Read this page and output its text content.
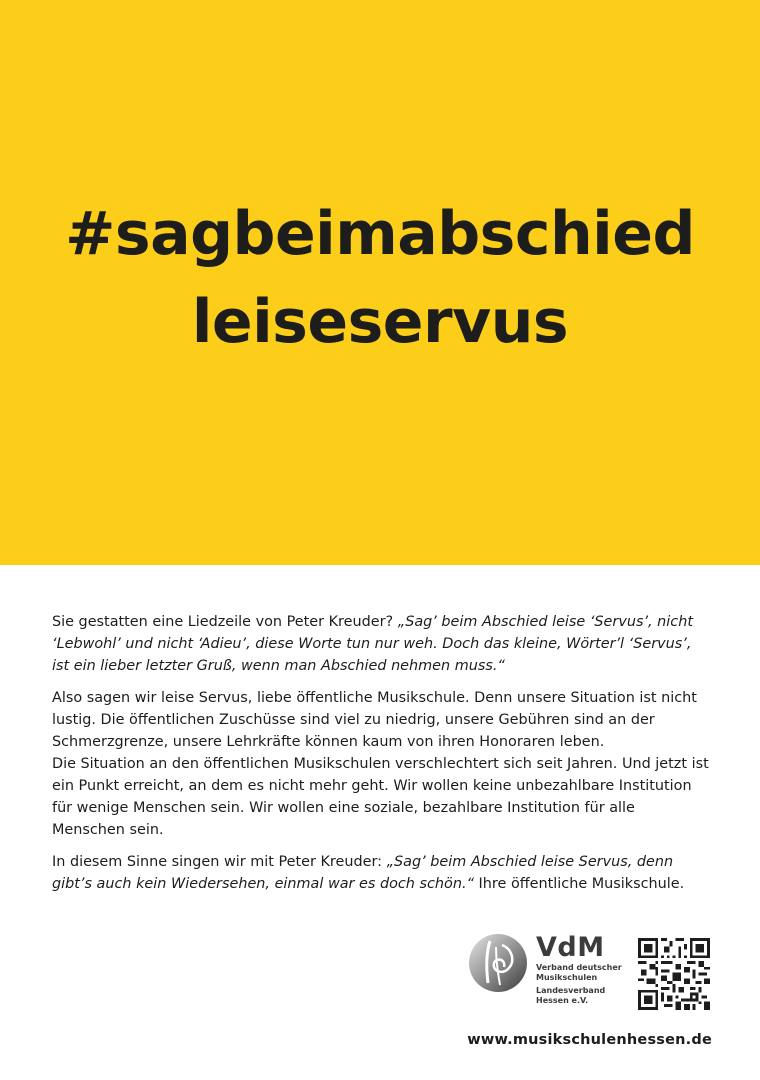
#sagbeimabschied
leiseservus

Sie gestatten eine Liedzeile von Peter Kreuder? „Sag’ beim Abschied leise ‘Servus’, nicht ‘Lebwohl’ und nicht ‘Adieu’, diese Worte tun nur weh. Doch das kleine, Wörter’l ‘Servus’, ist ein lieber letzter Gruß, wenn man Abschied nehmen muss.“

Also sagen wir leise Servus, liebe öffentliche Musikschule. Denn unsere Situation ist nicht lustig. Die öffentlichen Zuschüsse sind viel zu niedrig, unsere Gebühren sind an der Schmerzgrenze, unsere Lehrkräfte können kaum von ihren Honoraren leben.
Die Situation an den öffentlichen Musikschulen verschlechtert sich seit Jahren. Und jetzt ist ein Punkt erreicht, an dem es nicht mehr geht. Wir wollen keine unbezahlbare Institution für wenige Menschen sein. Wir wollen eine soziale, bezahlbare Institution für alle Menschen sein.

In diesem Sinne singen wir mit Peter Kreuder: „Sag’ beim Abschied leise Servus, denn gibt’s auch kein Wiedersehen, einmal war es doch schön.“ Ihre öffentliche Musikschule.

VdM
Verband deutscher
Musikschulen
Landesverband
Hessen e.V.
www.musikschulenhessen.de
